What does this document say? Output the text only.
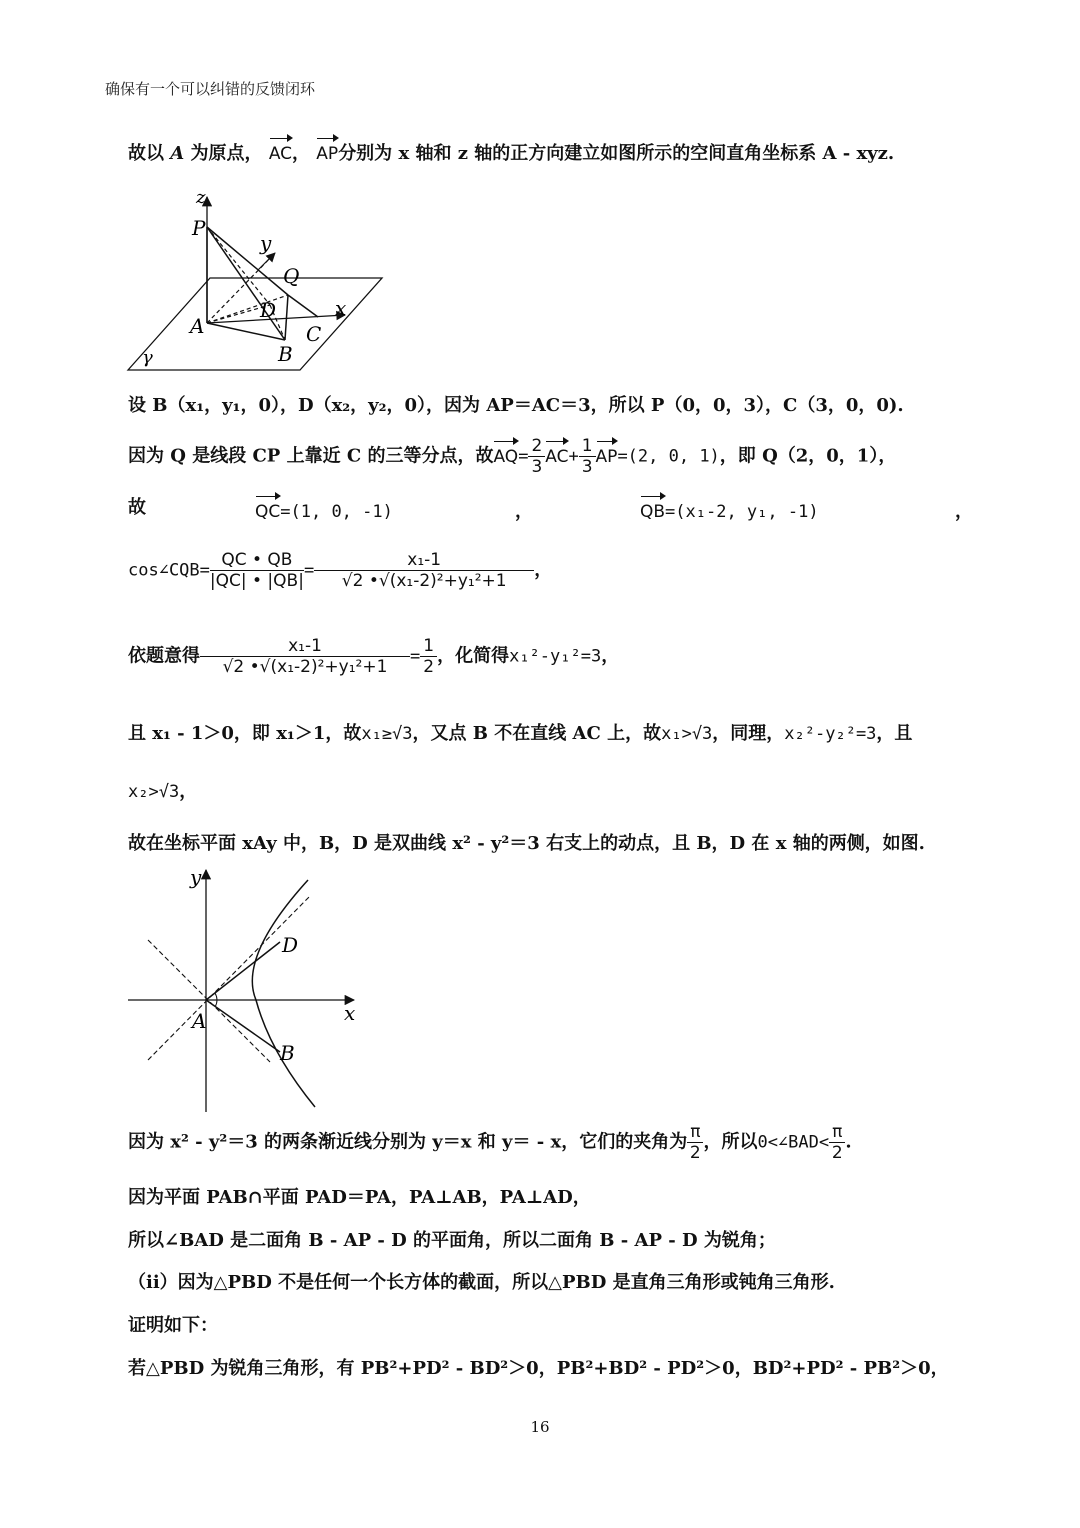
确保有一个可以纠错的反馈闭环
故以 A 为原点， AC， AP分别为 x 轴和 z 轴的正方向建立如图所示的空间直角坐标系 A - xyz.
z
P
y
Q
D	x
A	C
B
γ
设 B（x₁，y₁，0），D（x₂，y₂，0），因为 AP＝AC＝3，所以 P（0，0，3），C（3，0，0).
因为 Q 是线段 CP 上靠近 C 的三等分点，故$AQ= \frac{2}{3} AC+ \frac{1}{3} AP=(2$, 0, 1)，即 Q（2，0，1），
故	QC=(1, 0, -1)	，	QB=(x₁-2, y₁, -1)	，
cos∠CQB= $\frac{QC • QB}{|QC| • |QB|} = \frac{\text{x₁-1}}{\text{√2 •√(x₁-2)²+y₁²+1}}$ ，
依题意得 $\frac{\text{x₁-1}}{\text{√2 •√(x₁-2)²+y₁²+1}} = \frac{1}{2}$ ，化简得x₁²-y₁²=3，
且 x₁ - 1＞0，即 x₁＞1，故x₁≥√3，又点 B 不在直线 AC 上，故x₁>√3，同理，x₂²-y₂²=3，且
x₂>√3，
故在坐标平面 xAy 中，B，D 是双曲线 x² - y²＝3 右支上的动点，且 B，D 在 x 轴的两侧，如图.
y
D
x
A
B
因为 x² - y²＝3 的两条渐近线分别为 y＝x 和 y＝ - x，它们的夹角为 $\frac{\pi}{2}$ ，所以0<∠BAD< $\frac{\pi}{2}$ .
因为平面 PAB∩平面 PAD＝PA，PA⊥AB，PA⊥AD，
所以∠BAD 是二面角 B - AP - D 的平面角，所以二面角 B - AP - D 为锐角；
（ii）因为△PBD 不是任何一个长方体的截面，所以△PBD 是直角三角形或钝角三角形.
证明如下：
若△PBD 为锐角三角形，有 PB²+PD² - BD²＞0，PB²+BD² - PD²＞0，BD²+PD² - PB²＞0，
16
